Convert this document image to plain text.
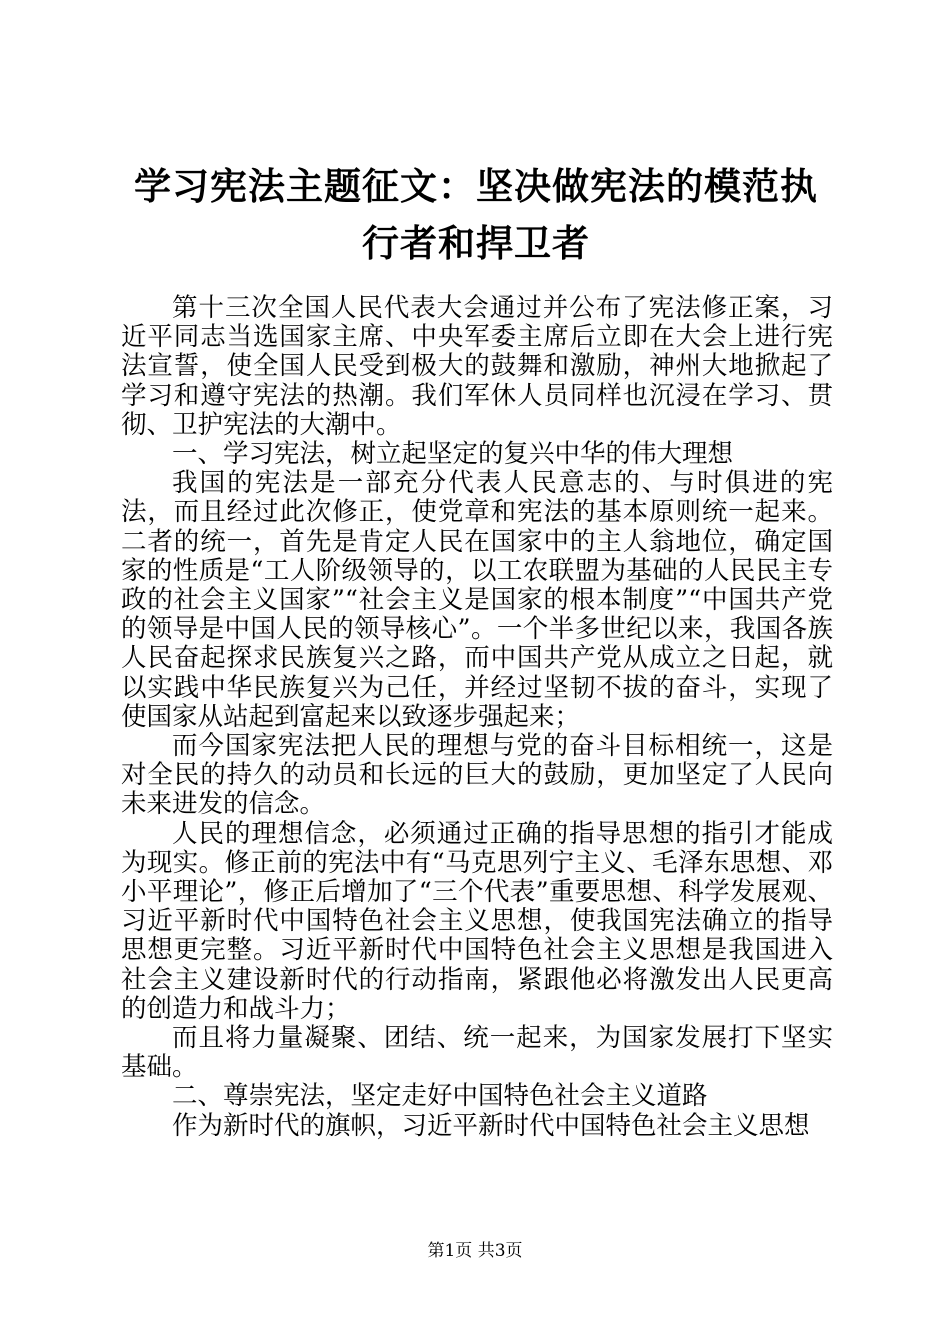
学习宪法主题征文：坚决做宪法的模范执行者和捍卫者

第十三次全国人民代表大会通过并公布了宪法修正案，习近平同志当选国家主席、中央军委主席后立即在大会上进行宪法宣誓，使全国人民受到极大的鼓舞和激励，神州大地掀起了学习和遵守宪法的热潮。我们军休人员同样也沉浸在学习、贯彻、卫护宪法的大潮中。

一、学习宪法，树立起坚定的复兴中华的伟大理想

我国的宪法是一部充分代表人民意志的、与时俱进的宪法，而且经过此次修正，使党章和宪法的基本原则统一起来。二者的统一，首先是肯定人民在国家中的主人翁地位，确定国家的性质是“工人阶级领导的，以工农联盟为基础的人民民主专政的社会主义国家”“社会主义是国家的根本制度”“中国共产党的领导是中国人民的领导核心”。一个半多世纪以来，我国各族人民奋起探求民族复兴之路，而中国共产党从成立之日起，就以实践中华民族复兴为己任，并经过坚韧不拔的奋斗，实现了使国家从站起到富起来以致逐步强起来；

而今国家宪法把人民的理想与党的奋斗目标相统一，这是对全民的持久的动员和长远的巨大的鼓励，更加坚定了人民向未来进发的信念。

人民的理想信念，必须通过正确的指导思想的指引才能成为现实。修正前的宪法中有“马克思列宁主义、毛泽东思想、邓小平理论”，修正后增加了“三个代表”重要思想、科学发展观、习近平新时代中国特色社会主义思想，使我国宪法确立的指导思想更完整。习近平新时代中国特色社会主义思想是我国进入社会主义建设新时代的行动指南，紧跟他必将激发出人民更高的创造力和战斗力；

而且将力量凝聚、团结、统一起来，为国家发展打下坚实基础。

二、尊崇宪法，坚定走好中国特色社会主义道路

作为新时代的旗帜，习近平新时代中国特色社会主义思想

第1页 共3页
